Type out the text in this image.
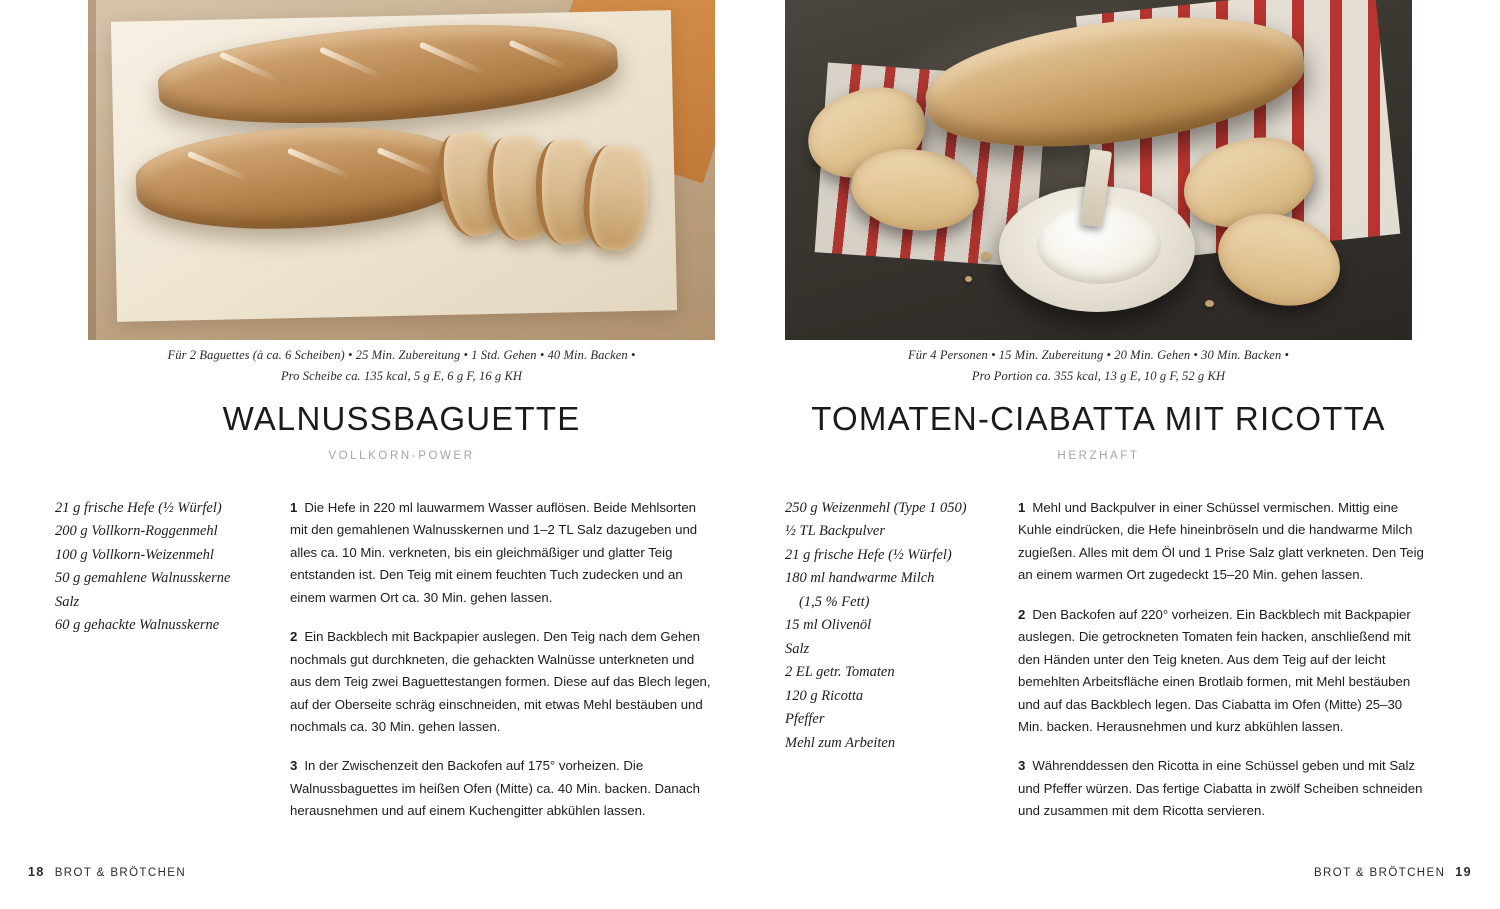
Für 2 Baguettes (à ca. 6 Scheiben) • 25 Min. Zubereitung • 1 Std. Gehen • 40 Min. Backen •

Pro Scheibe ca. 135 kcal, 5 g E, 6 g F, 16 g KH

WALNUSSBAGUETTE

VOLLKORN-POWER

21 g frische Hefe (½ Würfel)
200 g Vollkorn-Roggenmehl
100 g Vollkorn-Weizenmehl
50 g gemahlene Walnusskerne
Salz
60 g gehackte Walnusskerne

1 Die Hefe in 220 ml lauwarmem Wasser auflösen. Beide Mehlsorten mit den gemahlenen Walnusskernen und 1–2 TL Salz dazugeben und alles ca. 10 Min. verkneten, bis ein gleichmäßiger und glatter Teig entstanden ist. Den Teig mit einem feuchten Tuch zudecken und an einem warmen Ort ca. 30 Min. gehen lassen.

2 Ein Backblech mit Backpapier auslegen. Den Teig nach dem Gehen nochmals gut durchkneten, die gehackten Walnüsse unterkneten und aus dem Teig zwei Baguettestangen formen. Diese auf das Blech legen, auf der Oberseite schräg einschneiden, mit etwas Mehl bestäuben und nochmals ca. 30 Min. gehen lassen.

3 In der Zwischenzeit den Backofen auf 175° vorheizen. Die Walnussbaguettes im heißen Ofen (Mitte) ca. 40 Min. backen. Danach herausnehmen und auf einem Kuchengitter abkühlen lassen.

18 BROT & BRÖTCHEN

Für 4 Personen • 15 Min. Zubereitung • 20 Min. Gehen • 30 Min. Backen •

Pro Portion ca. 355 kcal, 13 g E, 10 g F, 52 g KH

TOMATEN-CIABATTA MIT RICOTTA

HERZHAFT

250 g Weizenmehl (Type 1 050)
½ TL Backpulver
21 g frische Hefe (½ Würfel)
180 ml handwarme Milch
(1,5 % Fett)
15 ml Olivenöl
Salz
2 EL getr. Tomaten
120 g Ricotta
Pfeffer
Mehl zum Arbeiten

1 Mehl und Backpulver in einer Schüssel vermischen. Mittig eine Kuhle eindrücken, die Hefe hineinbröseln und die handwarme Milch zugießen. Alles mit dem Öl und 1 Prise Salz glatt verkneten. Den Teig an einem warmen Ort zugedeckt 15–20 Min. gehen lassen.

2 Den Backofen auf 220° vorheizen. Ein Backblech mit Backpapier auslegen. Die getrockneten Tomaten fein hacken, anschließend mit den Händen unter den Teig kneten. Aus dem Teig auf der leicht bemehlten Arbeitsfläche einen Brotlaib formen, mit Mehl bestäuben und auf das Backblech legen. Das Ciabatta im Ofen (Mitte) 25–30 Min. backen. Herausnehmen und kurz abkühlen lassen.

3 Währenddessen den Ricotta in eine Schüssel geben und mit Salz und Pfeffer würzen. Das fertige Ciabatta in zwölf Scheiben schneiden und zusammen mit dem Ricotta servieren.

BROT & BRÖTCHEN 19
